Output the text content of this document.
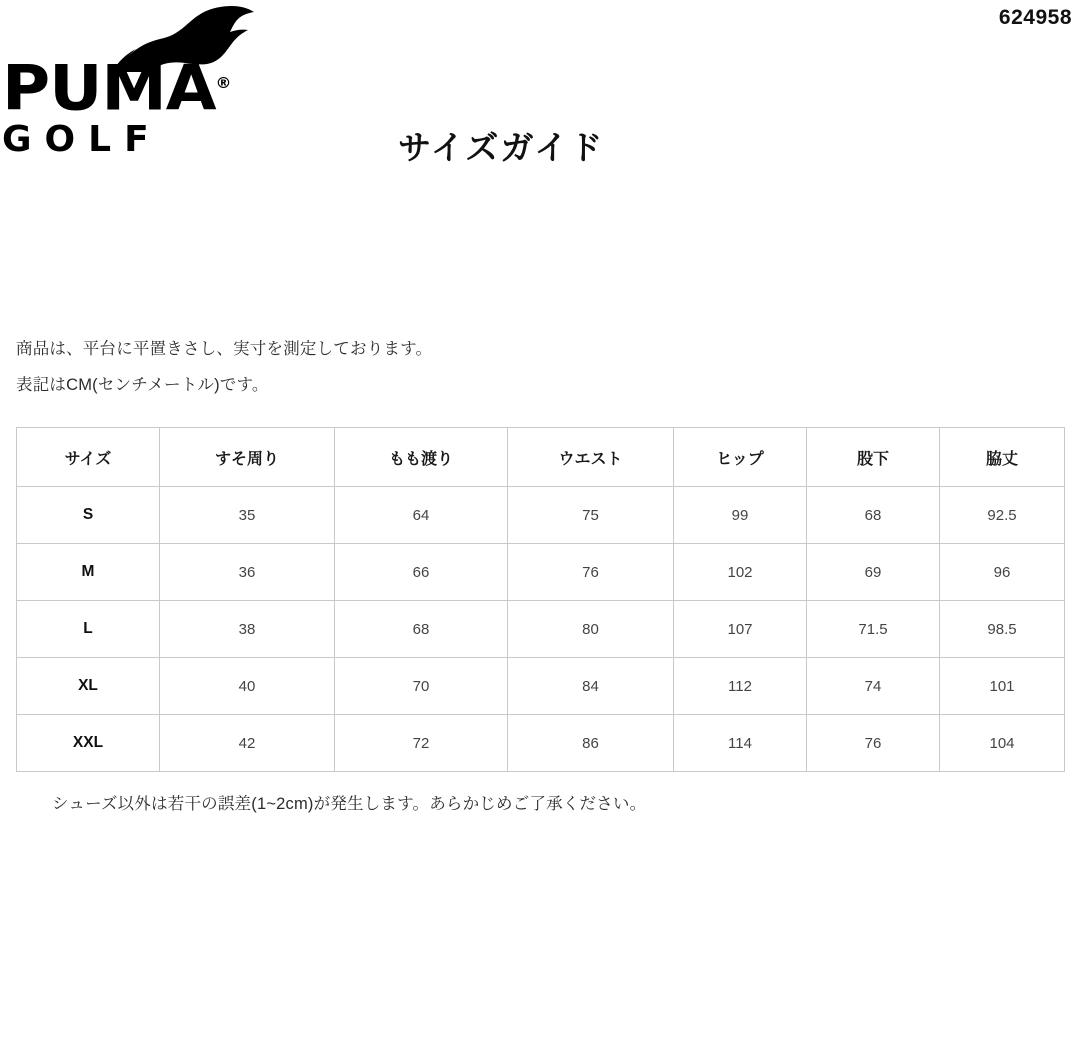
624958
PUMA®
GOLF	サイズガイド
商品は、平台に平置きさし、実寸を測定しております。
表記はCM(センチメートル)です。
サイズ	すそ周り	もも渡り	ウエスト	ヒップ	股下	脇丈
S	35	64	75	99	68	92.5
M	36	66	76	102	69	96
L	38	68	80	107	71.5	98.5
XL	40	70	84	112	74	101
XXL	42	72	86	114	76	104
シューズ以外は若干の誤差(1~2cm)が発生します。あらかじめご了承ください。
